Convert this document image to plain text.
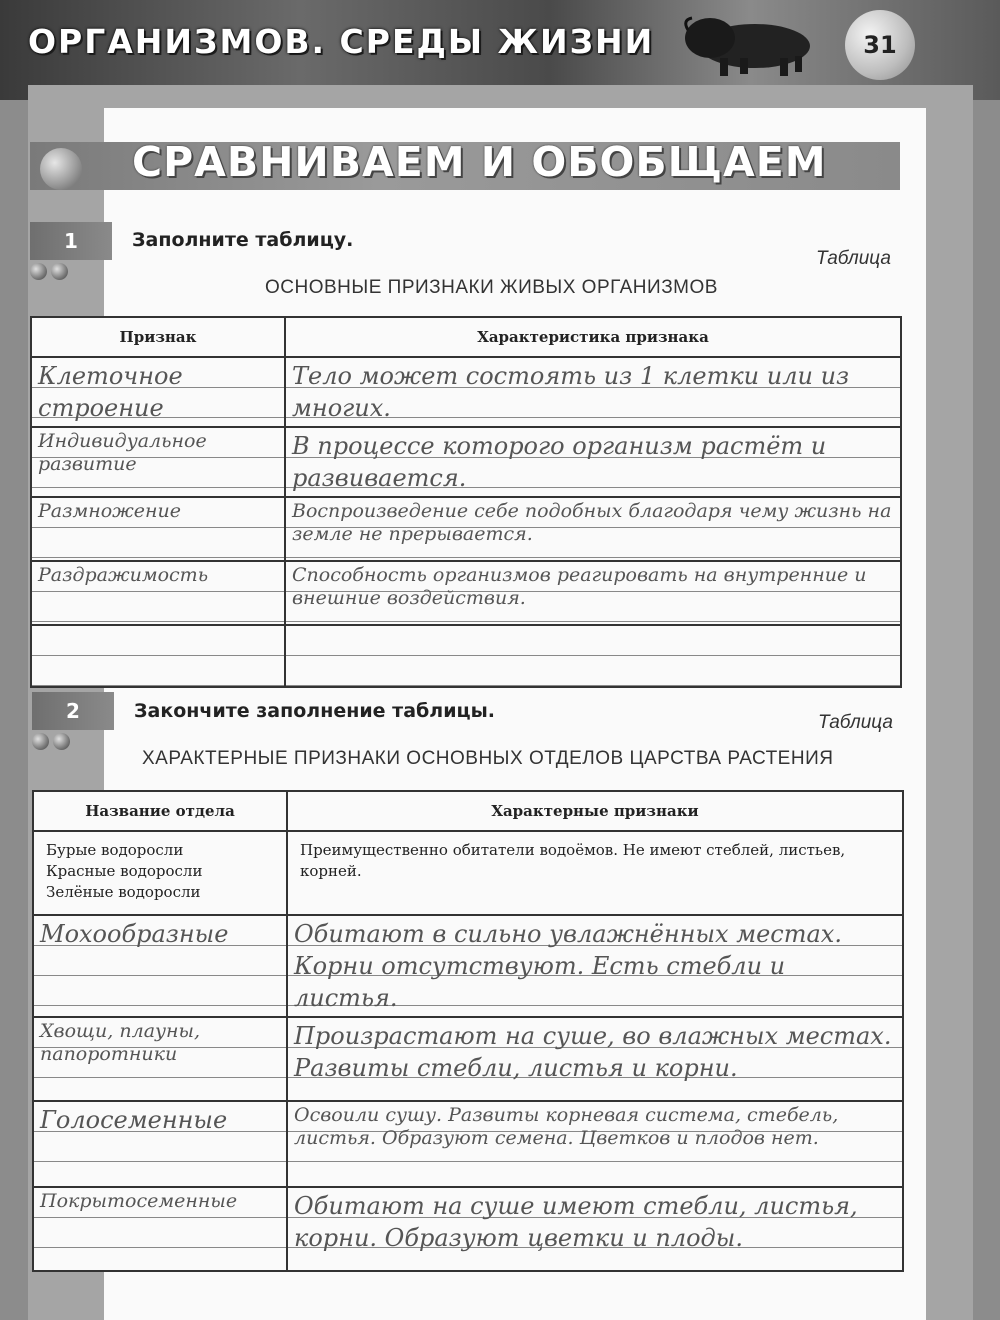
ОРГАНИЗМОВ. СРЕДЫ ЖИЗНИ	31
СРАВНИВАЕМ И ОБОБЩАЕМ
1	Заполните таблицу.
Таблица
ОСНОВНЫЕ ПРИЗНАКИ ЖИВЫХ ОРГАНИЗМОВ
Признак	Характеристика признака
Клеточное строение	Тело может состоять из 1 клетки или из многих.
Индивидуальное развитие	В процессе которого организм растёт и развивается.
Размножение	Воспроизведение себе подобных благодаря чему жизнь на земле не прерывается.
Раздражимость	Способность организмов реагировать на внутренние и внешние воздействия.

2	Закончите заполнение таблицы.
Таблица
ХАРАКТЕРНЫЕ ПРИЗНАКИ ОСНОВНЫХ ОТДЕЛОВ ЦАРСТВА РАСТЕНИЯ
Название отдела	Характерные признаки

Бурые водоросли
Красные водоросли
Зелёные водоросли	Преимущественно обитатели водоёмов. Не имеют стеблей, листьев, корней.
Мохообразные	Обитают в сильно увлажнённых местах. Корни отсутствуют. Есть стебли и листья.
Хвощи, плауны, папоротники	Произрастают на суше, во влажных местах. Развиты стебли, листья и корни.
Голосеменные	Освоили сушу. Развиты корневая система, стебель, листья. Образуют семена. Цветков и плодов нет.
Покрытосеменные	Обитают на суше имеют стебли, листья, корни. Образуют цветки и плоды.
